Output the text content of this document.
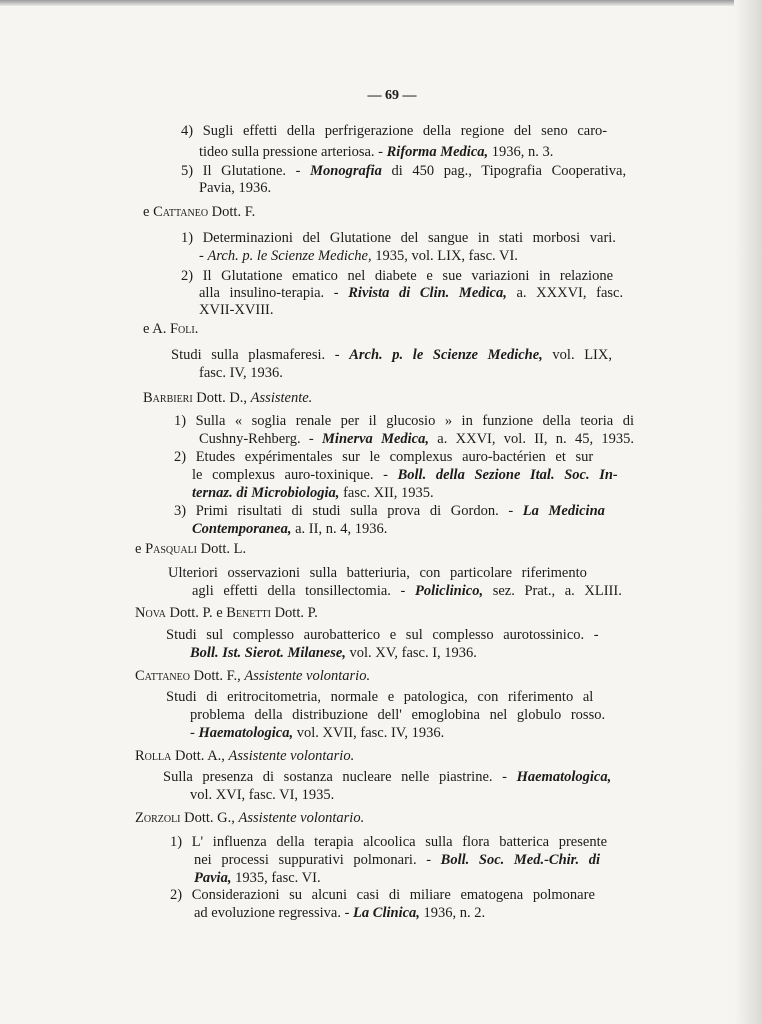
— 69 —
4) Sugli effetti della perfrigerazione della regione del seno caro-
tideo sulla pressione arteriosa. - Riforma Medica, 1936, n. 3.
5) Il Glutatione. - Monografia di 450 pag., Tipografia Cooperativa,
Pavia, 1936.
e Cattaneo Dott. F.
1) Determinazioni del Glutatione del sangue in stati morbosi vari.
- Arch. p. le Scienze Mediche, 1935, vol. LIX, fasc. VI.
2) Il Glutatione ematico nel diabete e sue variazioni in relazione
alla insulino-terapia. - Rivista di Clin. Medica, a. XXXVI, fasc.
XVII-XVIII.
e A. Foli.
Studi sulla plasmaferesi. - Arch. p. le Scienze Mediche, vol. LIX,
fasc. IV, 1936.
Barbieri Dott. D., Assistente.
1) Sulla « soglia renale per il glucosio » in funzione della teoria di
Cushny-Rehberg. - Minerva Medica, a. XXVI, vol. II, n. 45, 1935.
2) Etudes expérimentales sur le complexus auro-bactérien et sur
le complexus auro-toxinique. - Boll. della Sezione Ital. Soc. In-
ternaz. di Microbiologia, fasc. XII, 1935.
3) Primi risultati di studi sulla prova di Gordon. - La Medicina
Contemporanea, a. II, n. 4, 1936.
e Pasquali Dott. L.
Ulteriori osservazioni sulla batteriuria, con particolare riferimento
agli effetti della tonsillectomia. - Policlinico, sez. Prat., a. XLIII.
Nova Dott. P. e Benetti Dott. P.
Studi sul complesso aurobatterico e sul complesso aurotossinico. -
Boll. Ist. Sierot. Milanese, vol. XV, fasc. I, 1936.
Cattaneo Dott. F., Assistente volontario.
Studi di eritrocitometria, normale e patologica, con riferimento al
problema della distribuzione dell' emoglobina nel globulo rosso.
- Haematologica, vol. XVII, fasc. IV, 1936.
Rolla Dott. A., Assistente volontario.
Sulla presenza di sostanza nucleare nelle piastrine. - Haematologica,
vol. XVI, fasc. VI, 1935.
Zorzoli Dott. G., Assistente volontario.
1) L' influenza della terapia alcoolica sulla flora batterica presente
nei processi suppurativi polmonari. - Boll. Soc. Med.-Chir. di
Pavia, 1935, fasc. VI.
2) Considerazioni su alcuni casi di miliare ematogena polmonare
ad evoluzione regressiva. - La Clinica, 1936, n. 2.
